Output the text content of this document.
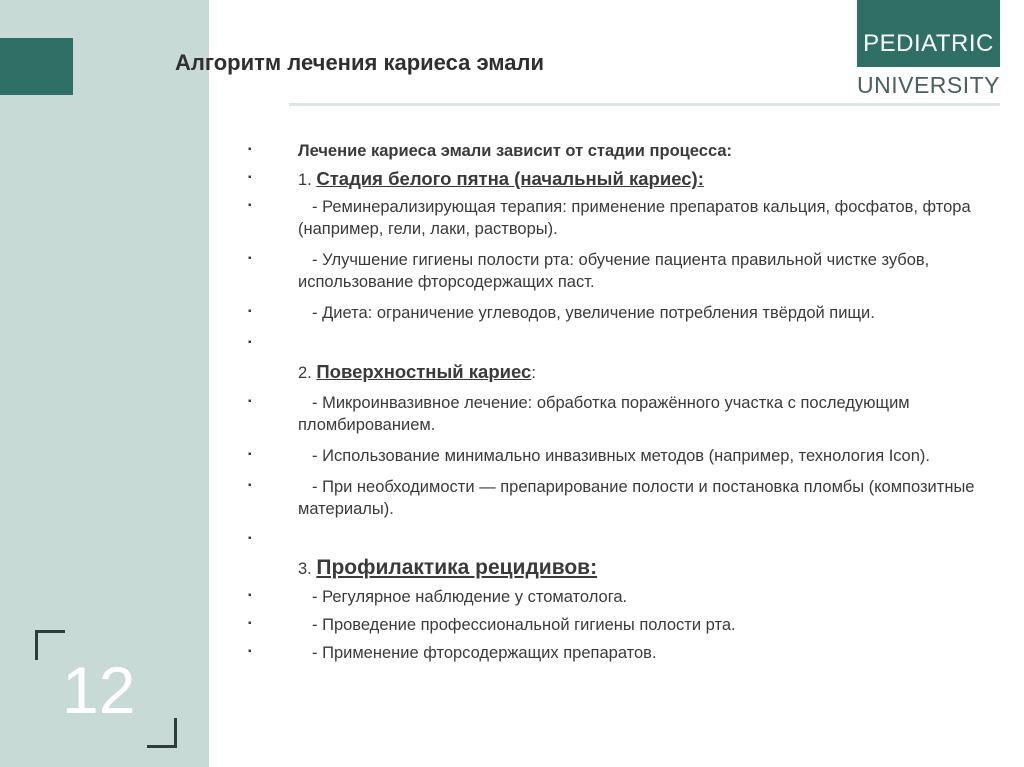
PEDIATRIC
UNIVERSITY
Алгоритм лечения кариеса эмали
▪	Лечение кариеса эмали зависит от стадии процесса:
▪	1. Стадия белого пятна (начальный кариес):
▪	- Реминерализирующая терапия: применение препаратов кальция, фосфатов, фтора (например, гели, лаки, растворы).
▪	- Улучшение гигиены полости рта: обучение пациента правильной чистке зубов, использование фторсодержащих паст.
▪	- Диета: ограничение углеводов, увеличение потребления твёрдой пищи.
▪
2. Поверхностный кариес:
▪	- Микроинвазивное лечение: обработка поражённого участка с последующим пломбированием.
▪	- Использование минимально инвазивных методов (например, технология Icon).
▪	- При необходимости — препарирование полости и постановка пломбы (композитные материалы).
▪
3. Профилактика рецидивов:
▪	- Регулярное наблюдение у стоматолога.
▪	- Проведение профессиональной гигиены полости рта.
▪	- Применение фторсодержащих препаратов.
12
